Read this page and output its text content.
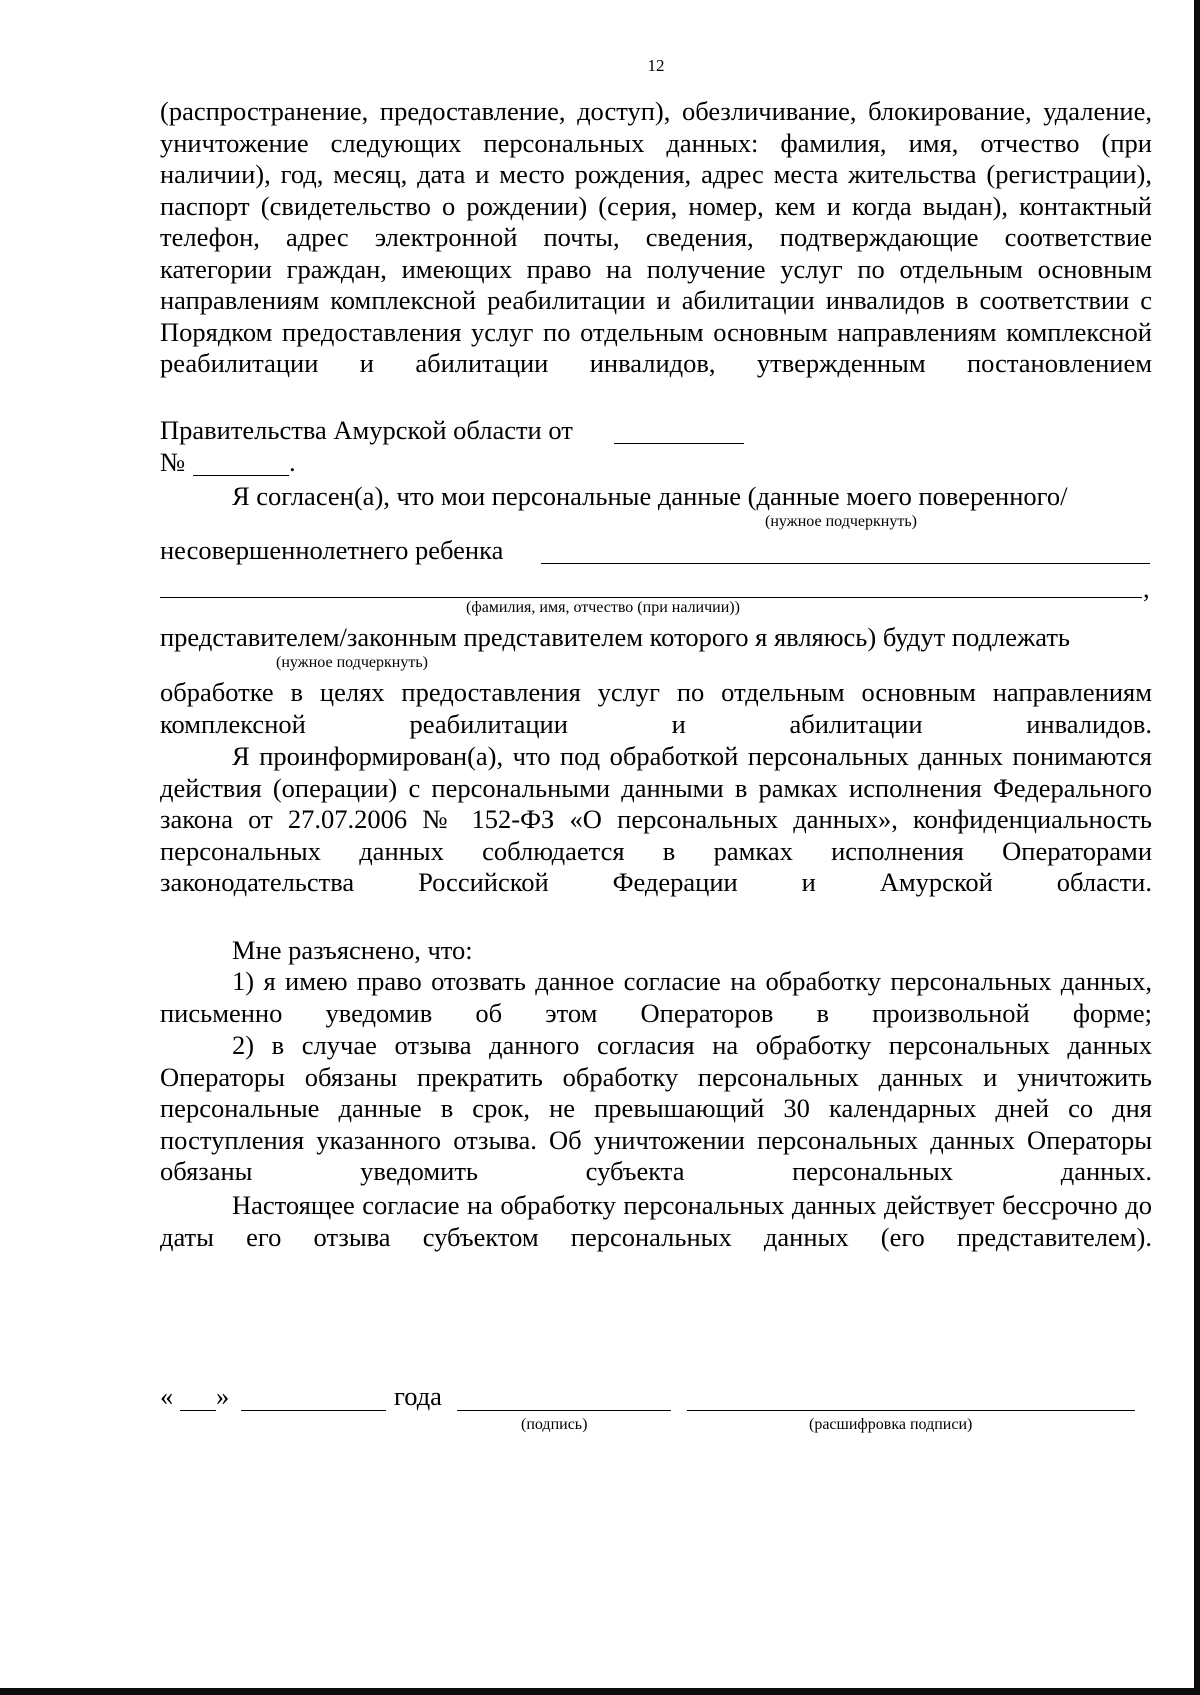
12

(распространение, предоставление, доступ), обезличивание, блокирование, удаление, уничтожение следующих персональных данных: фамилия, имя, отчество (при наличии), год, месяц, дата и место рождения, адрес места жительства (регистрации), паспорт (свидетельство о рождении) (серия, номер, кем и когда выдан), контактный телефон, адрес электронной почты, сведения, подтверждающие соответствие категории граждан, имеющих право на получение услуг по отдельным основным направлениям комплексной реабилитации и абилитации инвалидов в соответствии с Порядком предоставления услуг по отдельным основным направлениям комплексной реабилитации и абилитации инвалидов, утвержденным постановлением

Правительства Амурской области от
№	.
Я согласен(а), что мои персональные данные (данные моего поверенного/
(нужное подчеркнуть)
несовершеннолетнего ребенка
,
(фамилия, имя, отчество (при наличии))
представителем/законным представителем которого я являюсь) будут подлежать
(нужное подчеркнуть)

обработке в целях предоставления услуг по отдельным основным направлениям комплексной реабилитации и абилитации инвалидов.

Я проинформирован(а), что под обработкой персональных данных понимаются действия (операции) с персональными данными в рамках исполнения Федерального закона от 27.07.2006 № 152-ФЗ «О персональных данных», конфиденциальность персональных данных соблюдается в рамках исполнения Операторами законодательства Российской Федерации и Амурской области.

Мне разъяснено, что:

1) я имею право отозвать данное согласие на обработку персональных данных, письменно уведомив об этом Операторов в произвольной форме;

2) в случае отзыва данного согласия на обработку персональных данных Операторы обязаны прекратить обработку персональных данных и уничтожить персональные данные в срок, не превышающий 30 календарных дней со дня поступления указанного отзыва. Об уничтожении персональных данных Операторы обязаны уведомить субъекта персональных данных.

Настоящее согласие на обработку персональных данных действует бессрочно до даты его отзыва субъектом персональных данных (его представителем).

« »	года
(подпись)	(расшифровка подписи)
